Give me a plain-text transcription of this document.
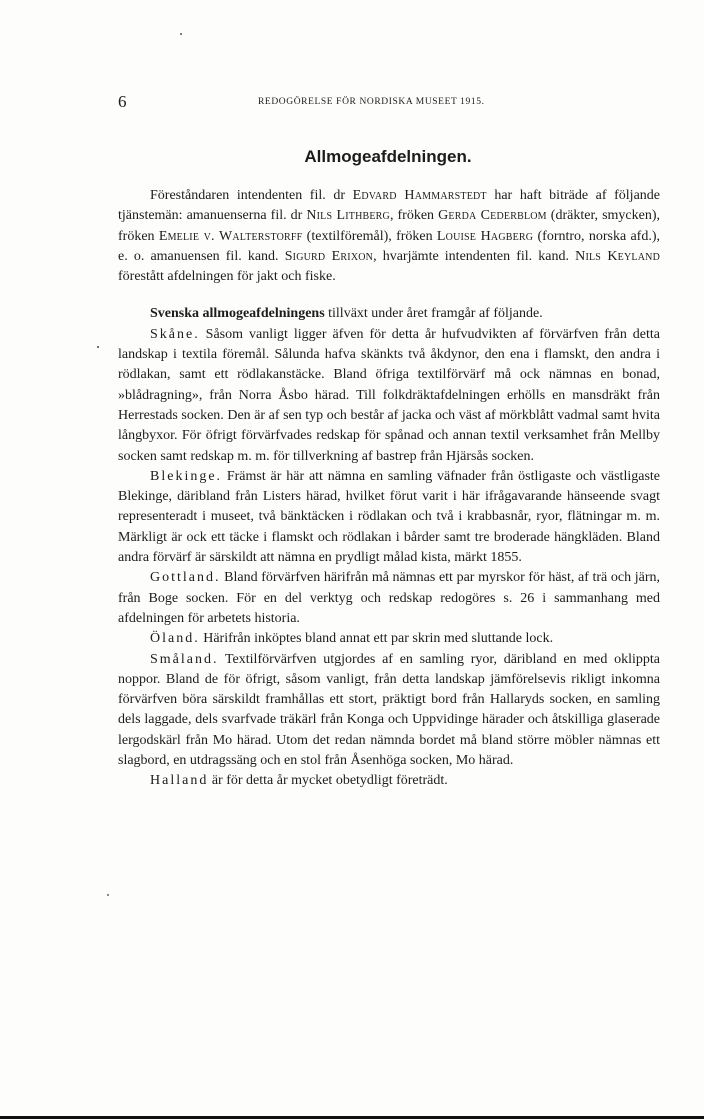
6	REDOGÖRELSE FÖR NORDISKA MUSEET 1915.
Allmogeafdelningen.

Föreståndaren intendenten fil. dr Edvard Hammarstedt har haft biträde af följande tjänstemän: amanuenserna fil. dr Nils Lithberg, fröken Gerda Cederblom (dräkter, smycken), fröken Emelie v. Walterstorff (textilföremål), fröken Louise Hagberg (forntro, norska afd.), e. o. amanuensen fil. kand. Sigurd Erixon, hvarjämte intendenten fil. kand. Nils Keyland förestått afdelningen för jakt och fiske.

Svenska allmogeafdelningens tillväxt under året framgår af följande.

Skåne. Såsom vanligt ligger äfven för detta år hufvudvikten af förvärfven från detta landskap i textila föremål. Sålunda hafva skänkts två åkdynor, den ena i flamskt, den andra i rödlakan, samt ett rödlakanstäcke. Bland öfriga textilförvärf må ock nämnas en bonad, »blådragning», från Norra Åsbo härad. Till folkdräktafdelningen erhölls en mansdräkt från Herrestads socken. Den är af sen typ och består af jacka och väst af mörkblått vadmal samt hvita långbyxor. För öfrigt förvärfvades redskap för spånad och annan textil verksamhet från Mellby socken samt redskap m. m. för tillverkning af bastrep från Hjärsås socken.

Blekinge. Främst är här att nämna en samling väfnader från östligaste och västligaste Blekinge, däribland från Listers härad, hvilket förut varit i här ifrågavarande hänseende svagt representeradt i museet, två bänktäcken i rödlakan och två i krabbasnår, ryor, flätningar m. m. Märkligt är ock ett täcke i flamskt och rödlakan i bårder samt tre broderade hängkläden. Bland andra förvärf är särskildt att nämna en prydligt målad kista, märkt 1855.

Gottland. Bland förvärfven härifrån må nämnas ett par myrskor för häst, af trä och järn, från Boge socken. För en del verktyg och redskap redogöres s. 26 i sammanhang med afdelningen för arbetets historia.

Öland. Härifrån inköptes bland annat ett par skrin med sluttande lock.

Småland. Textilförvärfven utgjordes af en samling ryor, däribland en med oklippta noppor. Bland de för öfrigt, såsom vanligt, från detta landskap jämförelsevis rikligt inkomna förvärfven böra särskildt framhållas ett stort, präktigt bord från Hallaryds socken, en samling dels laggade, dels svarfvade träkärl från Konga och Uppvidinge härader och åtskilliga glaserade lergodskärl från Mo härad. Utom det redan nämnda bordet må bland större möbler nämnas ett slagbord, en utdragssäng och en stol från Åsenhöga socken, Mo härad.

Halland är för detta år mycket obetydligt företrädt.
